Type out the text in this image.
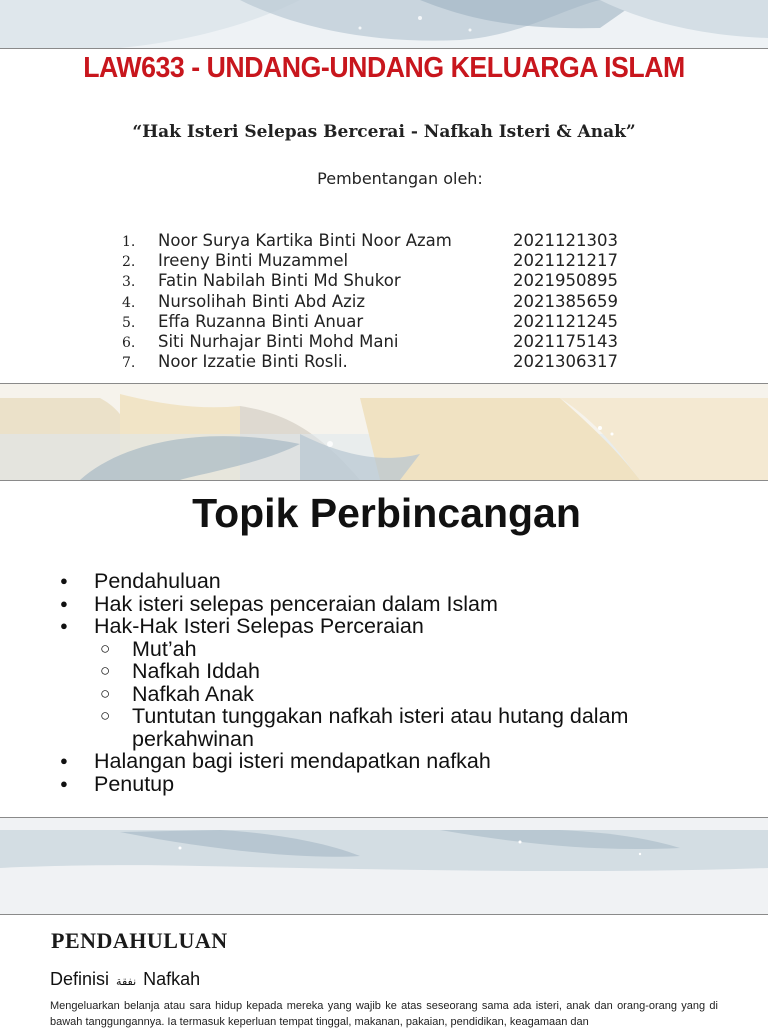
LAW633 - UNDANG-UNDANG KELUARGA ISLAM
“Hak Isteri Selepas Bercerai - Nafkah Isteri & Anak”
Pembentangan oleh:
1.	Noor Surya Kartika Binti Noor Azam	2021121303
2.	Ireeny Binti Muzammel	2021121217
3.	Fatin Nabilah Binti Md Shukor	2021950895
4.	Nursolihah Binti Abd Aziz	2021385659
5.	Effa Ruzanna Binti Anuar	2021121245
6.	Siti Nurhajar Binti Mohd Mani	2021175143
7.	Noor Izzatie Binti Rosli.	2021306317
Topik Perbincangan
●	Pendahuluan
●	Hak isteri selepas penceraian dalam Islam
●	Hak-Hak Isteri Selepas Perceraian
○	Mut’ah
○	Nafkah Iddah
○	Nafkah Anak
○	Tuntutan tunggakan nafkah isteri atau hutang dalam perkahwinan
●	Halangan bagi isteri mendapatkan nafkah
●	Penutup
PENDAHULUAN
Definisi نفقة Nafkah
Mengeluarkan belanja atau sara hidup kepada mereka yang wajib ke atas seseorang sama ada isteri, anak dan orang-orang yang di bawah tanggungannya. Ia termasuk keperluan tempat tinggal, makanan, pakaian, pendidikan, keagamaan dan
